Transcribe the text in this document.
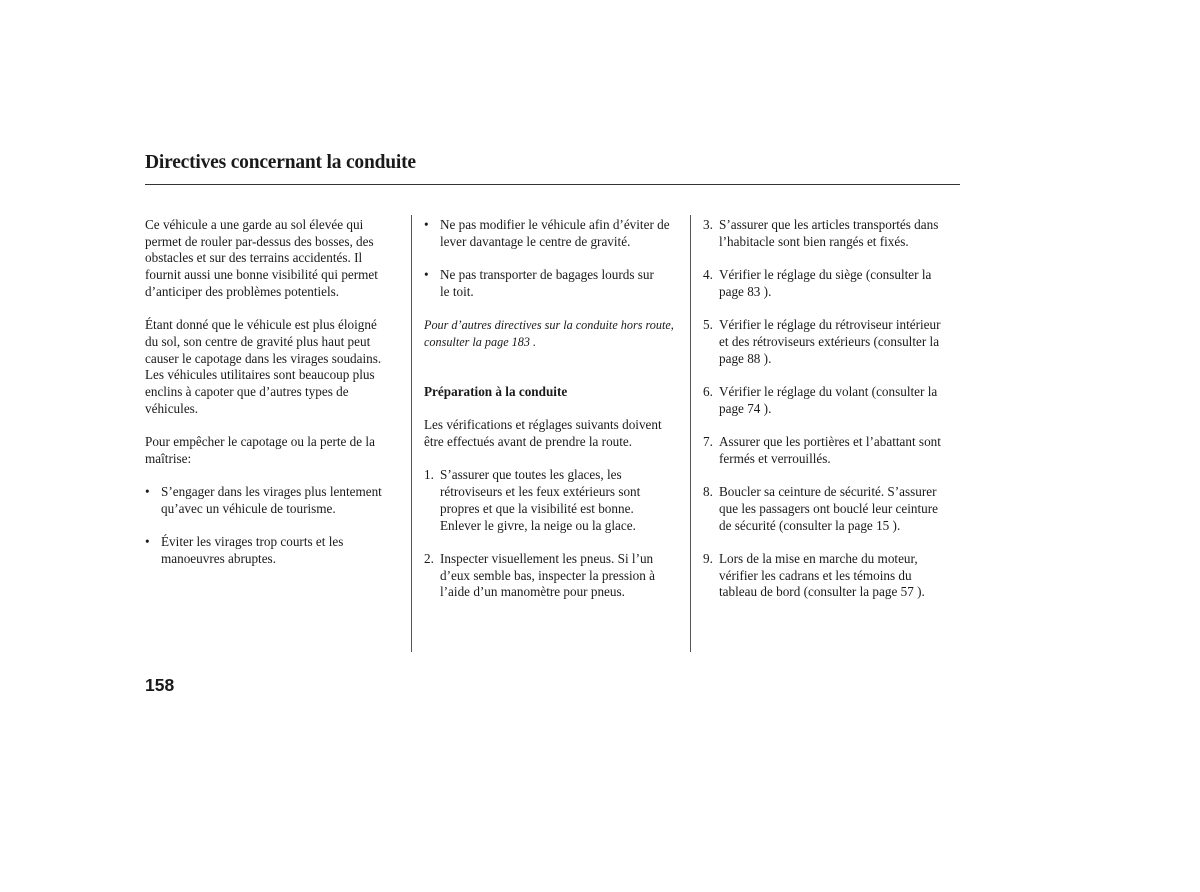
Directives concernant la conduite
Ce véhicule a une garde au sol élevée qui
permet de rouler par-dessus des bosses, des
obstacles et sur des terrains accidentés. Il
fournit aussi une bonne visibilité qui permet
d’anticiper des problèmes potentiels.
Étant donné que le véhicule est plus éloigné
du sol, son centre de gravité plus haut peut
causer le capotage dans les virages soudains.
Les véhicules utilitaires sont beaucoup plus
enclins à capoter que d’autres types de
véhicules.
Pour empêcher le capotage ou la perte de la
maîtrise:
• S’engager dans les virages plus lentement
qu’avec un véhicule de tourisme.
• Éviter les virages trop courts et les
manoeuvres abruptes.
• Ne pas modifier le véhicule afin d’éviter de
lever davantage le centre de gravité.
• Ne pas transporter de bagages lourds sur
le toit.
Pour d’autres directives sur la conduite hors route,
consulter la page 183 .

Préparation à la conduite

Les vérifications et réglages suivants doivent
être effectués avant de prendre la route.

1. S’assurer que toutes les glaces, les
rétroviseurs et les feux extérieurs sont
propres et que la visibilité est bonne.
Enlever le givre, la neige ou la glace.
2. Inspecter visuellement les pneus. Si l’un
d’eux semble bas, inspecter la pression à
l’aide d’un manomètre pour pneus.
3. S’assurer que les articles transportés dans
l’habitacle sont bien rangés et fixés.
4. Vérifier le réglage du siège (consulter la
page 83 ).
5. Vérifier le réglage du rétroviseur intérieur
et des rétroviseurs extérieurs (consulter la
page 88 ).
6. Vérifier le réglage du volant (consulter la
page 74 ).
7. Assurer que les portières et l’abattant sont
fermés et verrouillés.
8. Boucler sa ceinture de sécurité. S’assurer
que les passagers ont bouclé leur ceinture
de sécurité (consulter la page 15 ).
9. Lors de la mise en marche du moteur,
vérifier les cadrans et les témoins du
tableau de bord (consulter la page 57 ).
158
